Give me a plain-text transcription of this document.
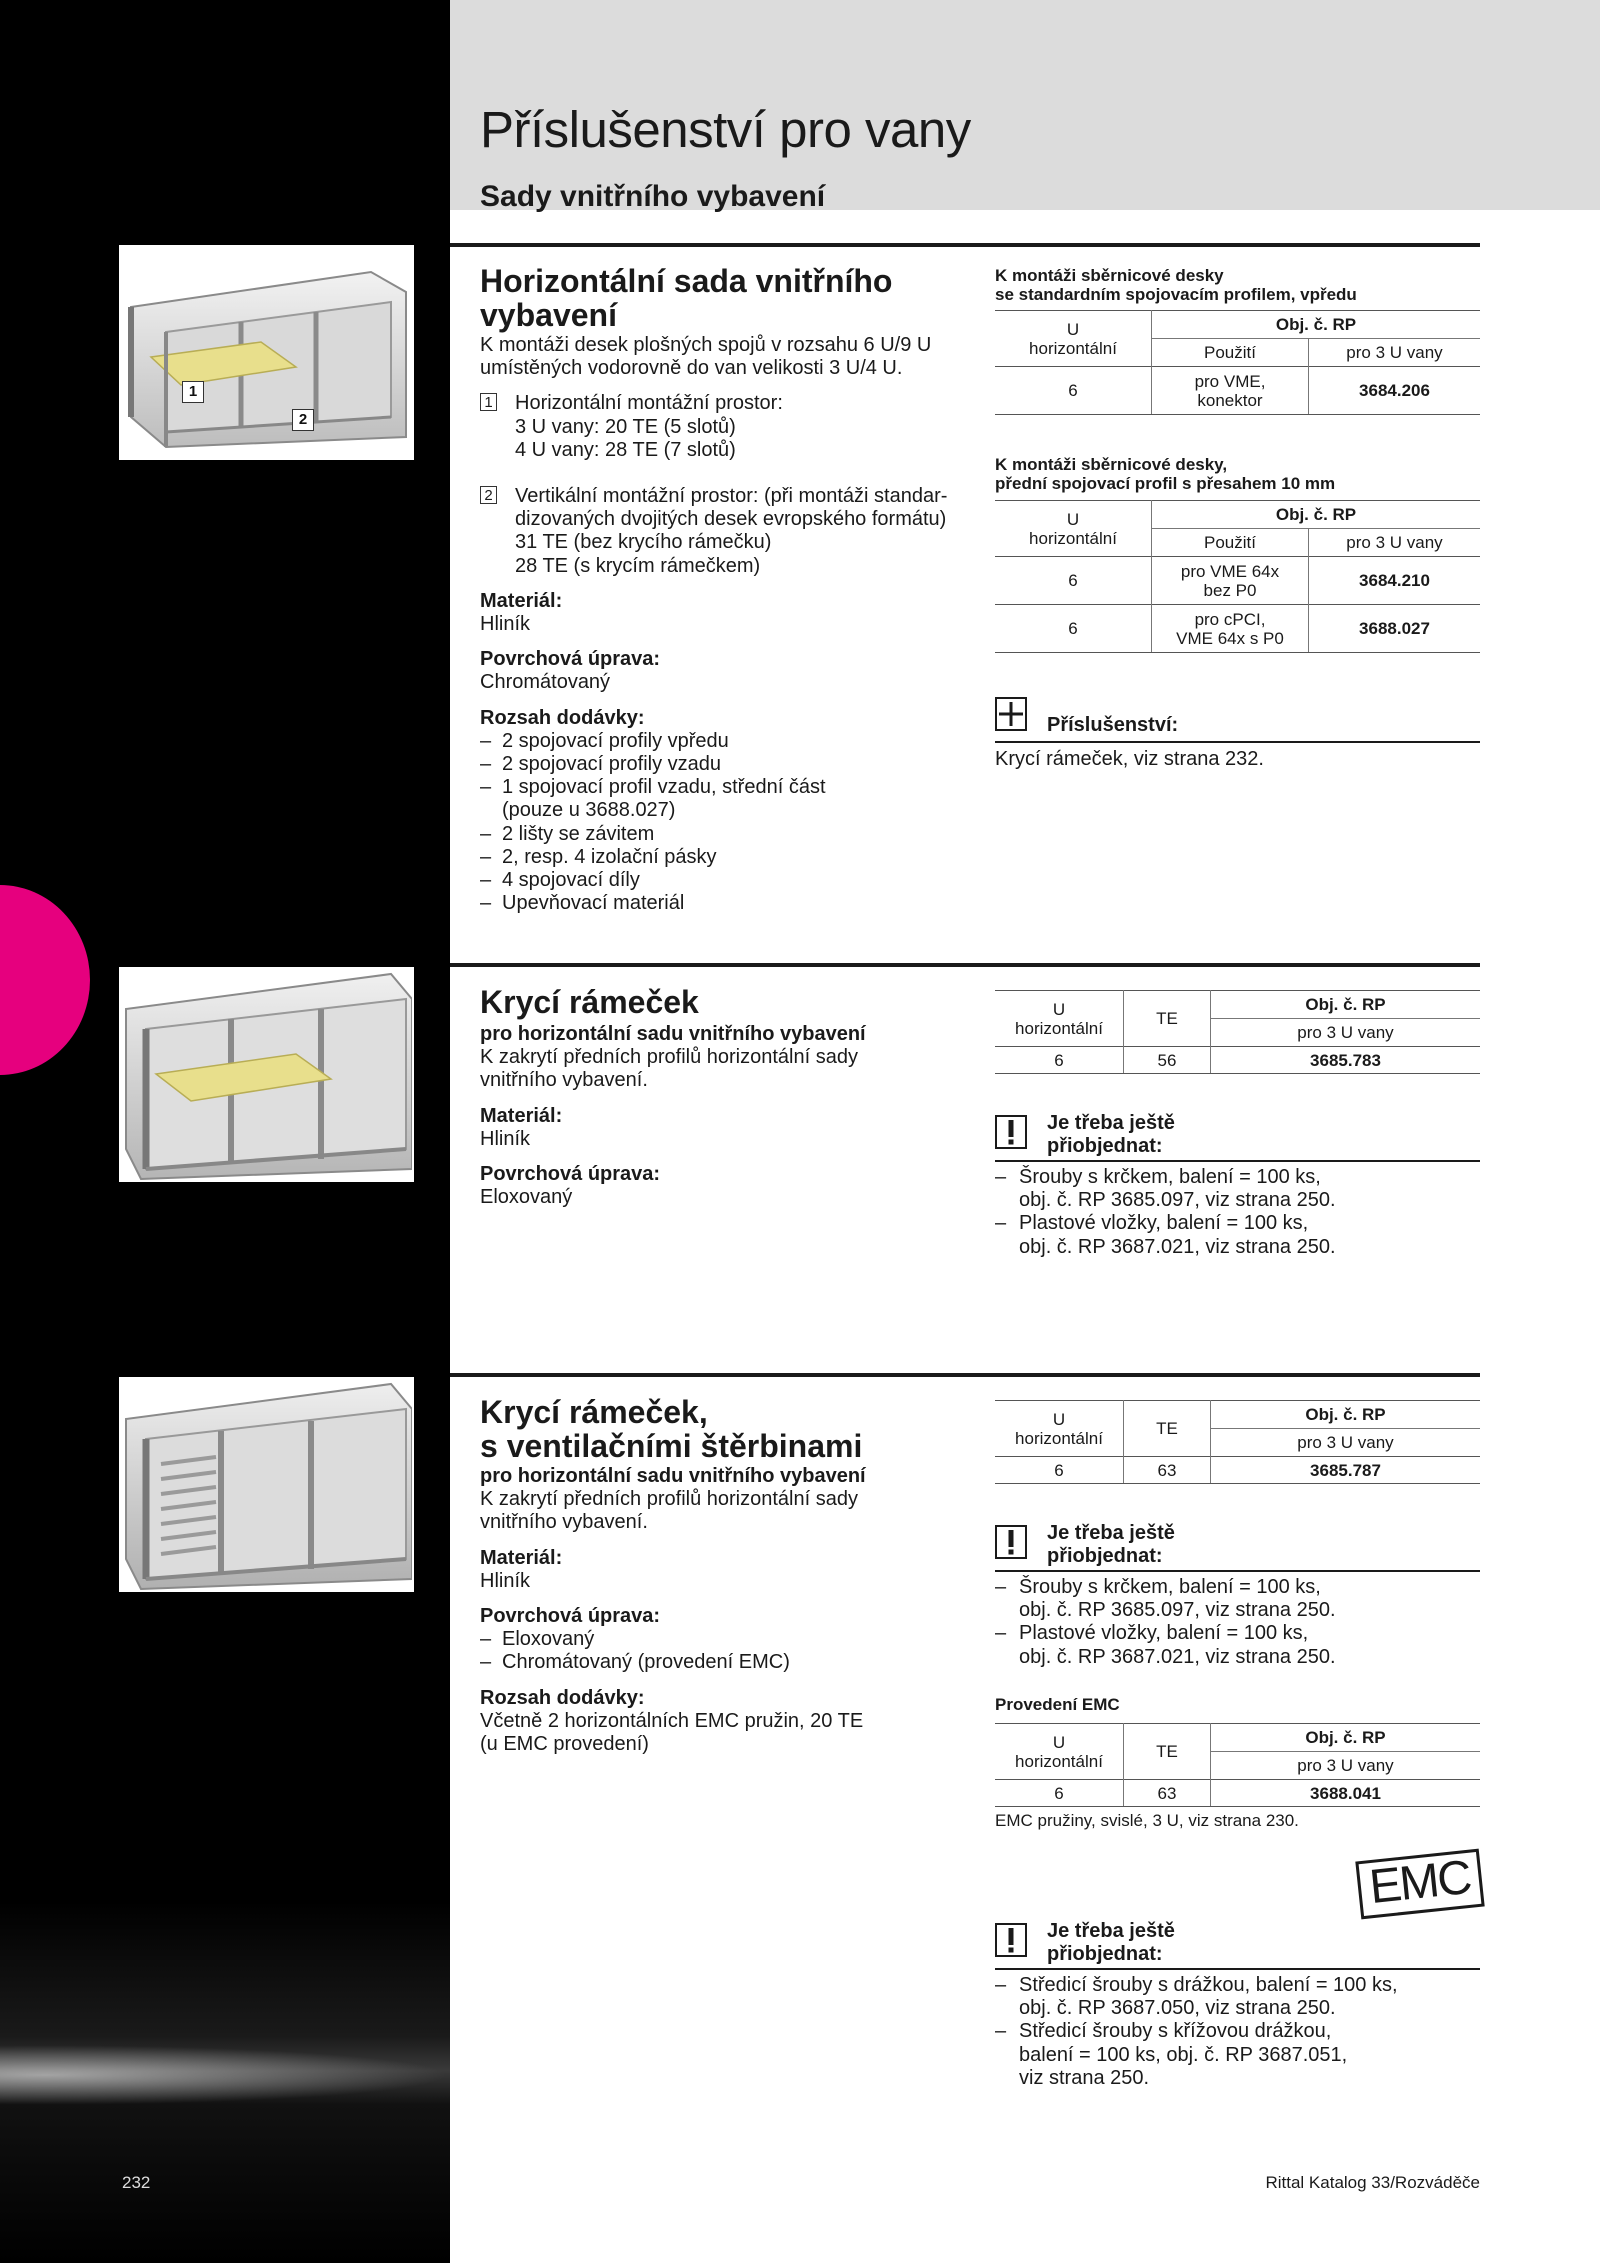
Příslušenství pro vany
Sady vnitřního vybavení
1
2
Horizontální sada vnitřního
vybavení

K montáži desek plošných spojů v rozsahu 6 U/9 U

umístěných vodorovně do van velikosti 3 U/4 U.

1 Horizontální montážní prostor:

3 U vany: 20 TE (5 slotů)

4 U vany: 28 TE (7 slotů)

2 Vertikální montážní prostor: (při montáži standar-

dizovaných dvojitých desek evropského formátu)

31 TE (bez krycího rámečku)

28 TE (s krycím rámečkem)

Materiál:

Hliník

Povrchová úprava:

Chromátovaný

Rozsah dodávky:

– 2 spojovací profily vpředu
– 2 spojovací profily vzadu
– 1 spojovací profil vzadu, střední část

(pouze u 3688.027)

– 2 lišty se závitem
– 2, resp. 4 izolační pásky
– 4 spojovací díly
– Upevňovací materiál
K montáži sběrnicové desky
se standardním spojovacím profilem, vpředu
U
horizontální	Obj. č. RP	
	Použití	pro 3 U vany
6	pro VME,
konektor	3684.206
K montáži sběrnicové desky,
přední spojovací profil s přesahem 10 mm
U
horizontální	Obj. č. RP	
	Použití	pro 3 U vany
6	pro VME 64x
bez P0	3684.210
6	pro cPCI,
VME 64x s P0	3688.027
Příslušenství:
Krycí rámeček, viz strana 232.
Krycí rámeček

pro horizontální sadu vnitřního vybavení

K zakrytí předních profilů horizontální sady

vnitřního vybavení.

Materiál:

Hliník

Povrchová úprava:

Eloxovaný

U
horizontální	TE	Obj. č. RP
		pro 3 U vany
6	56	3685.783
Je třeba ještě
přiobjednat:
– Šrouby s krčkem, balení = 100 ks,
obj. č. RP 3685.097, viz strana 250.
– Plastové vložky, balení = 100 ks,
obj. č. RP 3687.021, viz strana 250.
Krycí rámeček,
s ventilačními štěrbinami

pro horizontální sadu vnitřního vybavení

K zakrytí předních profilů horizontální sady

vnitřního vybavení.

Materiál:

Hliník

Povrchová úprava:

– Eloxovaný
– Chromátovaný (provedení EMC)

Rozsah dodávky:

Včetně 2 horizontálních EMC pružin, 20 TE

(u EMC provedení)

U
horizontální	TE	Obj. č. RP
		pro 3 U vany
6	63	3685.787
Je třeba ještě
přiobjednat:
– Šrouby s krčkem, balení = 100 ks,
obj. č. RP 3685.097, viz strana 250.
– Plastové vložky, balení = 100 ks,
obj. č. RP 3687.021, viz strana 250.
Provedení EMC
U
horizontální	TE	Obj. č. RP
		pro 3 U vany
6	63	3688.041
EMC pružiny, svislé, 3 U, viz strana 230.
EMC
Je třeba ještě
přiobjednat:
– Středicí šrouby s drážkou, balení = 100 ks,
obj. č. RP 3687.050, viz strana 250.
– Středicí šrouby s křížovou drážkou,
balení = 100 ks, obj. č. RP 3687.051,
viz strana 250.
232	Rittal Katalog 33/Rozváděče
